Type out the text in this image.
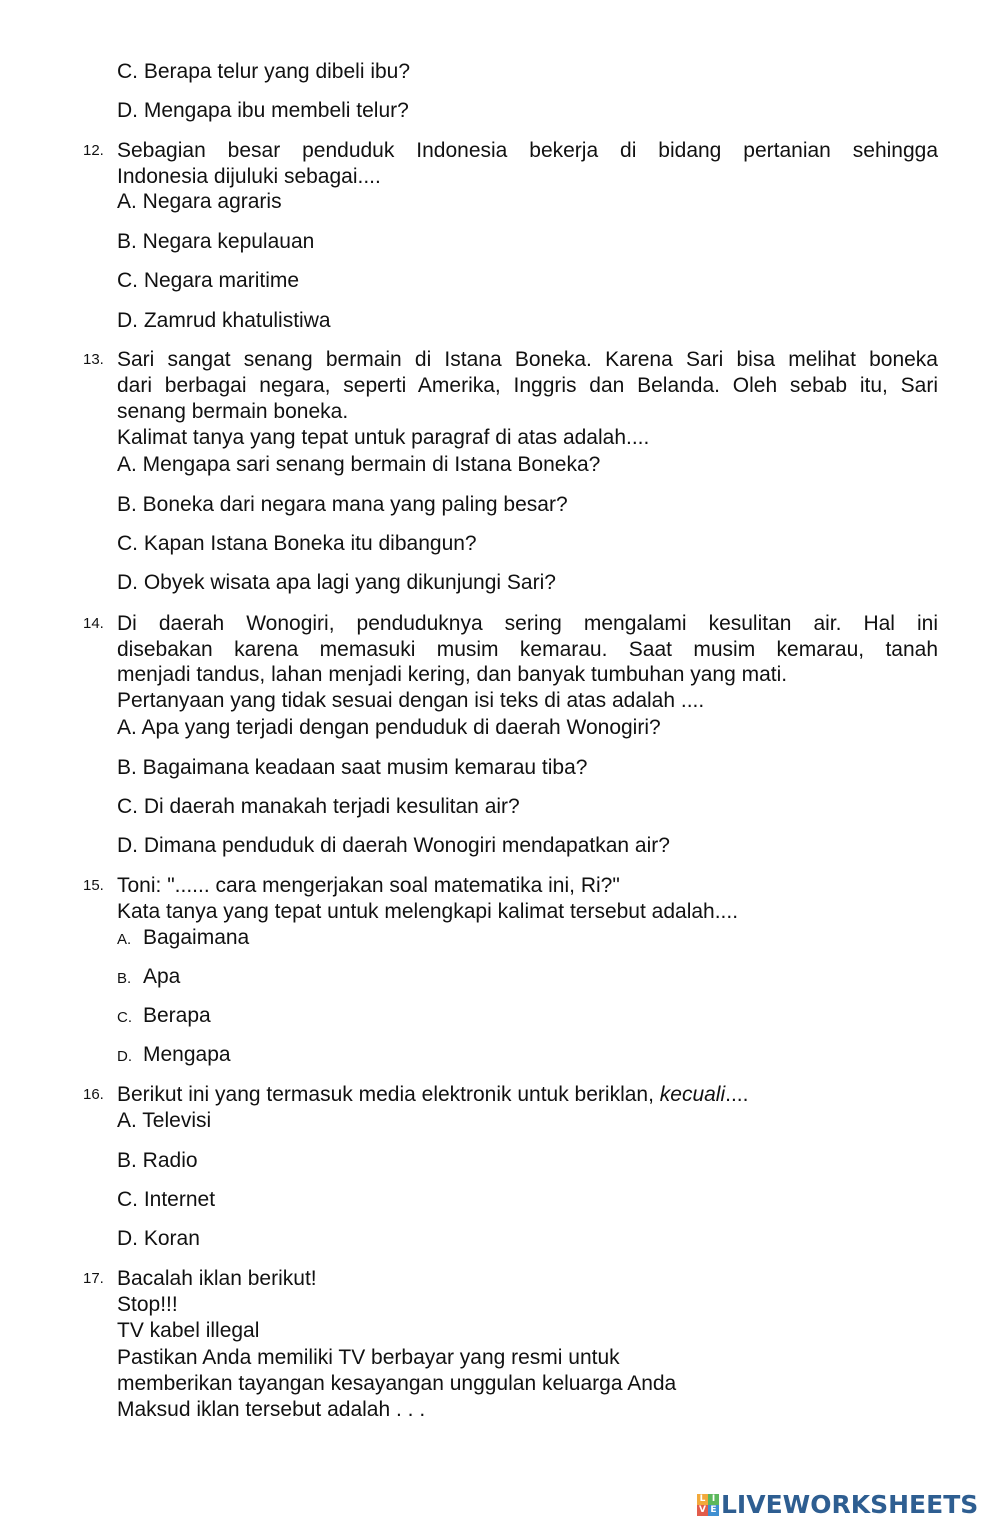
C. Berapa telur yang dibeli ibu?
D. Mengapa ibu membeli telur?
12. Sebagian besar penduduk Indonesia bekerja di bidang pertanian sehingga
Indonesia dijuluki sebagai....
A. Negara agraris
B. Negara kepulauan
C. Negara maritime
D. Zamrud khatulistiwa
13. Sari sangat senang bermain di Istana Boneka. Karena Sari bisa melihat boneka
dari berbagai negara, seperti Amerika, Inggris dan Belanda. Oleh sebab itu, Sari
senang bermain boneka.
Kalimat tanya yang tepat untuk paragraf di atas adalah....
A. Mengapa sari senang bermain di Istana Boneka?
B. Boneka dari negara mana yang paling besar?
C. Kapan Istana Boneka itu dibangun?
D. Obyek wisata apa lagi yang dikunjungi Sari?
14. Di daerah Wonogiri, penduduknya sering mengalami kesulitan air. Hal ini
disebakan karena memasuki musim kemarau. Saat musim kemarau, tanah
menjadi tandus, lahan menjadi kering, dan banyak tumbuhan yang mati.
Pertanyaan yang tidak sesuai dengan isi teks di atas adalah ....
A. Apa yang terjadi dengan penduduk di daerah Wonogiri?
B. Bagaimana keadaan saat musim kemarau tiba?
C. Di daerah manakah terjadi kesulitan air?
D. Dimana penduduk di daerah Wonogiri mendapatkan air?
15. Toni: "...... cara mengerjakan soal matematika ini, Ri?"
Kata tanya yang tepat untuk melengkapi kalimat tersebut adalah....
A. Bagaimana
B. Apa
C. Berapa
D. Mengapa
16. Berikut ini yang termasuk media elektronik untuk beriklan, kecuali....
A. Televisi
B. Radio
C. Internet
D. Koran
17. Bacalah iklan berikut!
Stop!!!
TV kabel illegal
Pastikan Anda memiliki TV berbayar yang resmi untuk
memberikan tayangan kesayangan unggulan keluarga Anda
Maksud iklan tersebut adalah . . .
L I
V E LIVEWORKSHEETS
